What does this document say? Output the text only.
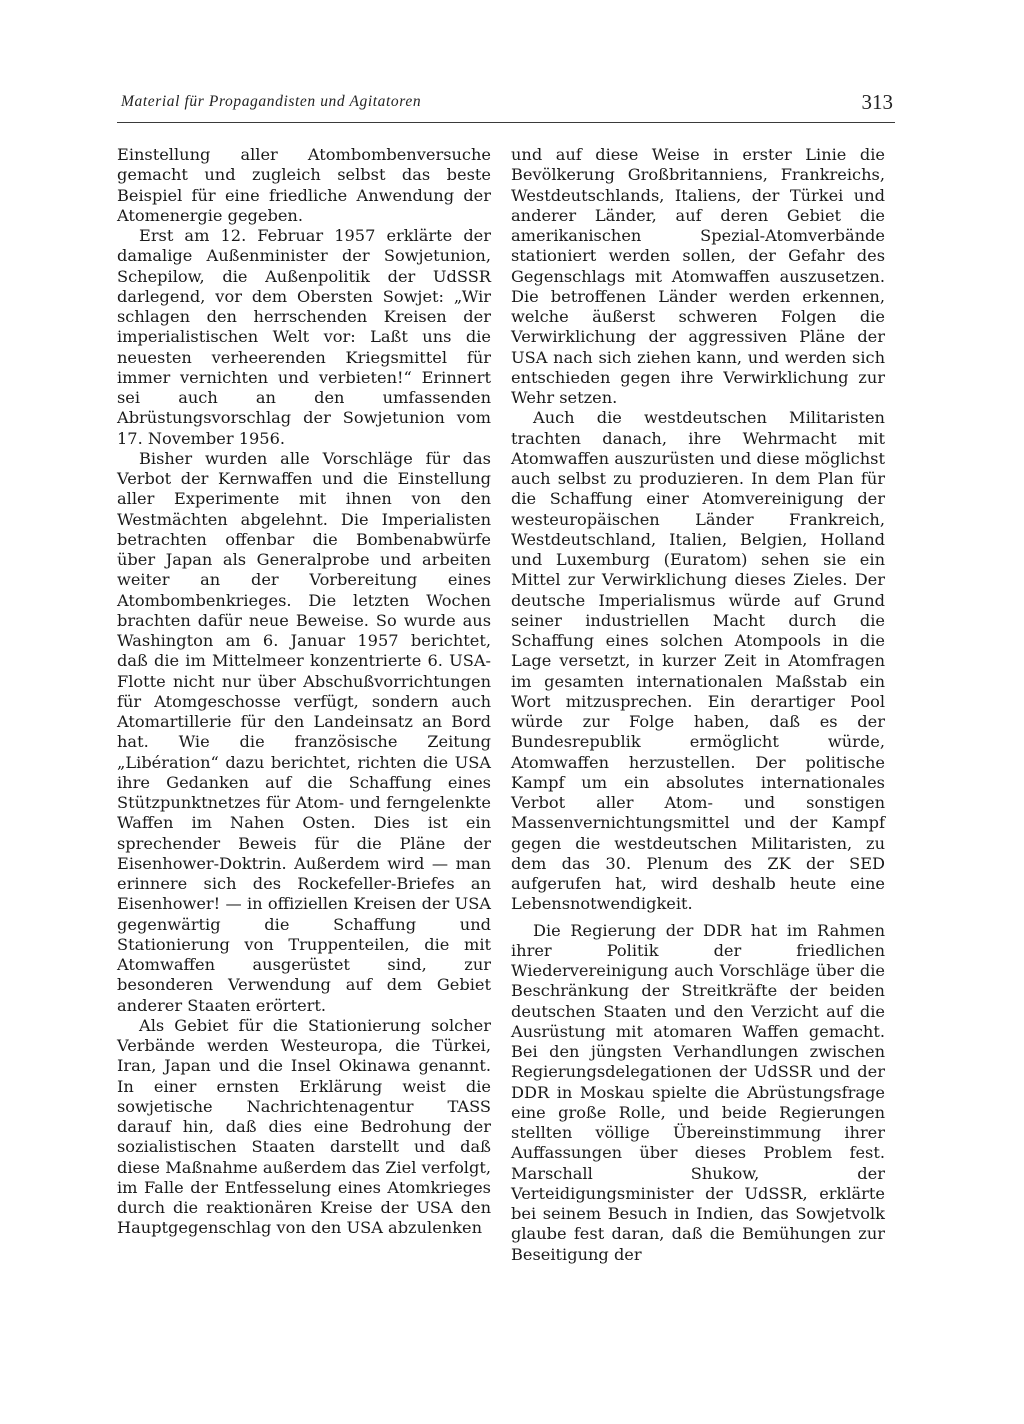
Material für Propagandisten und Agitatoren	313

Einstellung aller Atombombenversuche gemacht und zugleich selbst das beste Beispiel für eine friedliche Anwendung der Atomenergie gegeben.

Erst am 12. Februar 1957 erklärte der damalige Außenminister der Sowjetunion, Schepilow, die Außenpolitik der UdSSR darlegend, vor dem Obersten Sowjet: „Wir schlagen den herrschenden Kreisen der imperialistischen Welt vor: Laßt uns die neuesten verheerenden Kriegsmittel für immer vernichten und verbieten!“ Erinnert sei auch an den umfassenden Abrüstungsvorschlag der Sowjetunion vom 17. November 1956.

Bisher wurden alle Vorschläge für das Verbot der Kernwaffen und die Einstellung aller Experimente mit ihnen von den Westmächten abgelehnt. Die Imperialisten betrachten offenbar die Bombenabwürfe über Japan als Generalprobe und arbeiten weiter an der Vorbereitung eines Atombombenkrieges. Die letzten Wochen brachten dafür neue Beweise. So wurde aus Washington am 6. Januar 1957 berichtet, daß die im Mittelmeer konzentrierte 6. USA-Flotte nicht nur über Abschußvorrichtungen für Atomgeschosse verfügt, sondern auch Atomartillerie für den Landeinsatz an Bord hat. Wie die französische Zeitung „Libération“ dazu berichtet, richten die USA ihre Gedanken auf die Schaffung eines Stützpunktnetzes für Atom- und ferngelenkte Waffen im Nahen Osten. Dies ist ein sprechender Beweis für die Pläne der Eisenhower-Doktrin. Außerdem wird — man erinnere sich des Rockefeller-Briefes an Eisenhower! — in offiziellen Kreisen der USA gegenwärtig die Schaffung und Stationierung von Truppenteilen, die mit Atomwaffen ausgerüstet sind, zur besonderen Verwendung auf dem Gebiet anderer Staaten erörtert.

Als Gebiet für die Stationierung solcher Verbände werden Westeuropa, die Türkei, Iran, Japan und die Insel Okinawa genannt. In einer ernsten Erklärung weist die sowjetische Nachrichtenagentur TASS darauf hin, daß dies eine Bedrohung der sozialistischen Staaten darstellt und daß diese Maßnahme außerdem das Ziel verfolgt, im Falle der Entfesselung eines Atomkrieges durch die reaktionären Kreise der USA den Hauptgegenschlag von den USA abzulenken

und auf diese Weise in erster Linie die Bevölkerung Großbritanniens, Frankreichs, Westdeutschlands, Italiens, der Türkei und anderer Länder, auf deren Gebiet die amerikanischen Spezial-Atomverbände stationiert werden sollen, der Gefahr des Gegenschlags mit Atomwaffen auszusetzen. Die betroffenen Länder werden erkennen, welche äußerst schweren Folgen die Verwirklichung der aggressiven Pläne der USA nach sich ziehen kann, und werden sich entschieden gegen ihre Verwirklichung zur Wehr setzen.

Auch die westdeutschen Militaristen trachten danach, ihre Wehrmacht mit Atomwaffen auszurüsten und diese möglichst auch selbst zu produzieren. In dem Plan für die Schaffung einer Atomvereinigung der westeuropäischen Länder Frankreich, Westdeutschland, Italien, Belgien, Holland und Luxemburg (Euratom) sehen sie ein Mittel zur Verwirklichung dieses Zieles. Der deutsche Imperialismus würde auf Grund seiner industriellen Macht durch die Schaffung eines solchen Atompools in die Lage versetzt, in kurzer Zeit in Atomfragen im gesamten internationalen Maßstab ein Wort mitzusprechen. Ein derartiger Pool würde zur Folge haben, daß es der Bundesrepublik ermöglicht würde, Atomwaffen herzustellen. Der politische Kampf um ein absolutes internationales Verbot aller Atom- und sonstigen Massenvernichtungsmittel und der Kampf gegen die westdeutschen Militaristen, zu dem das 30. Plenum des ZK der SED aufgerufen hat, wird deshalb heute eine Lebensnotwendigkeit.

Die Regierung der DDR hat im Rahmen ihrer Politik der friedlichen Wiedervereinigung auch Vorschläge über die Beschränkung der Streitkräfte der beiden deutschen Staaten und den Verzicht auf die Ausrüstung mit atomaren Waffen gemacht. Bei den jüngsten Verhandlungen zwischen Regierungsdelegationen der UdSSR und der DDR in Moskau spielte die Abrüstungsfrage eine große Rolle, und beide Regierungen stellten völlige Übereinstimmung ihrer Auffassungen über dieses Problem fest. Marschall Shukow, der Verteidigungsminister der UdSSR, erklärte bei seinem Besuch in Indien, das Sowjetvolk glaube fest daran, daß die Bemühungen zur Beseitigung der
